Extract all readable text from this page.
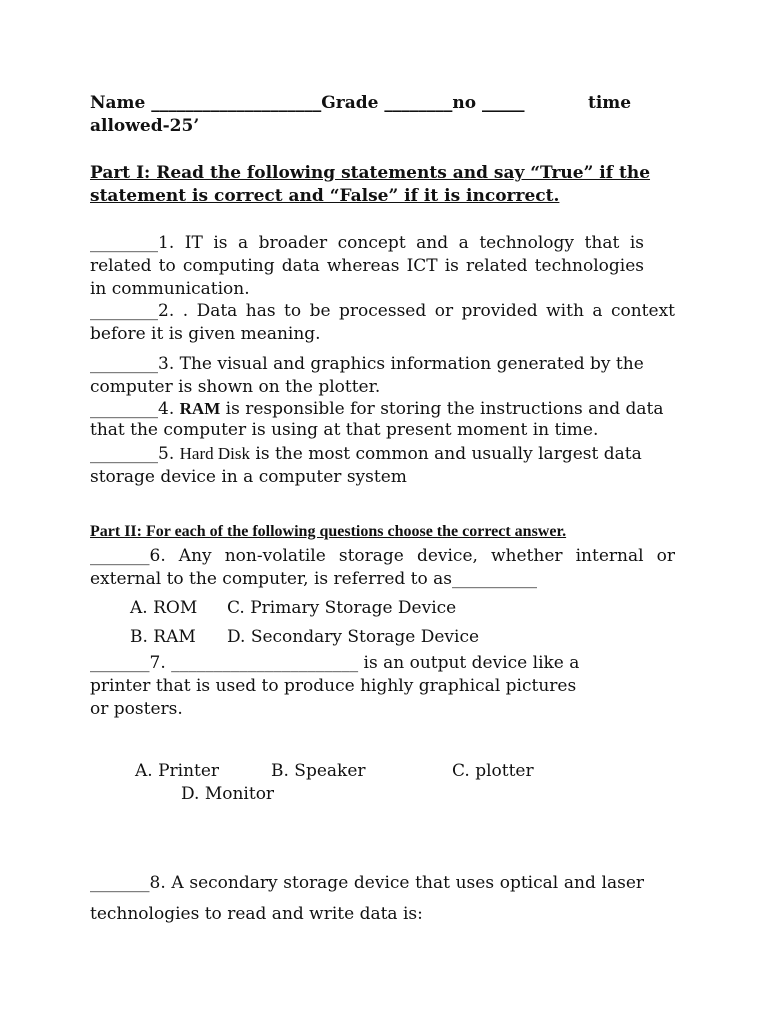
Name ____________________Grade ________no _____	time
allowed-25’
Part I: Read the following statements and say “True” if the
statement is correct and “False” if it is incorrect.
________1. IT is a broader concept and a technology that is related to computing data whereas ICT is related technologies in communication.
________2. . Data has to be processed or provided with a context before it is given meaning.
________3. The visual and graphics information generated by the computer is shown on the plotter.
________4. RAM is responsible for storing the instructions and data that the computer is using at that present moment in time.
________5. Hard Disk is the most common and usually largest data storage device in a computer system
Part II: For each of the following questions choose the correct answer.
_______6. Any non-volatile storage device, whether internal or external to the computer, is referred to as__________
A. ROM C. Primary Storage Device
B. RAM D. Secondary Storage Device
_______7. ______________________ is an output device like a
printer that is used to produce highly graphical pictures
or posters.
A. Printer	B. Speaker	C. plotter
D. Monitor
_______8. A secondary storage device that uses optical and laser technologies to read and write data is:
